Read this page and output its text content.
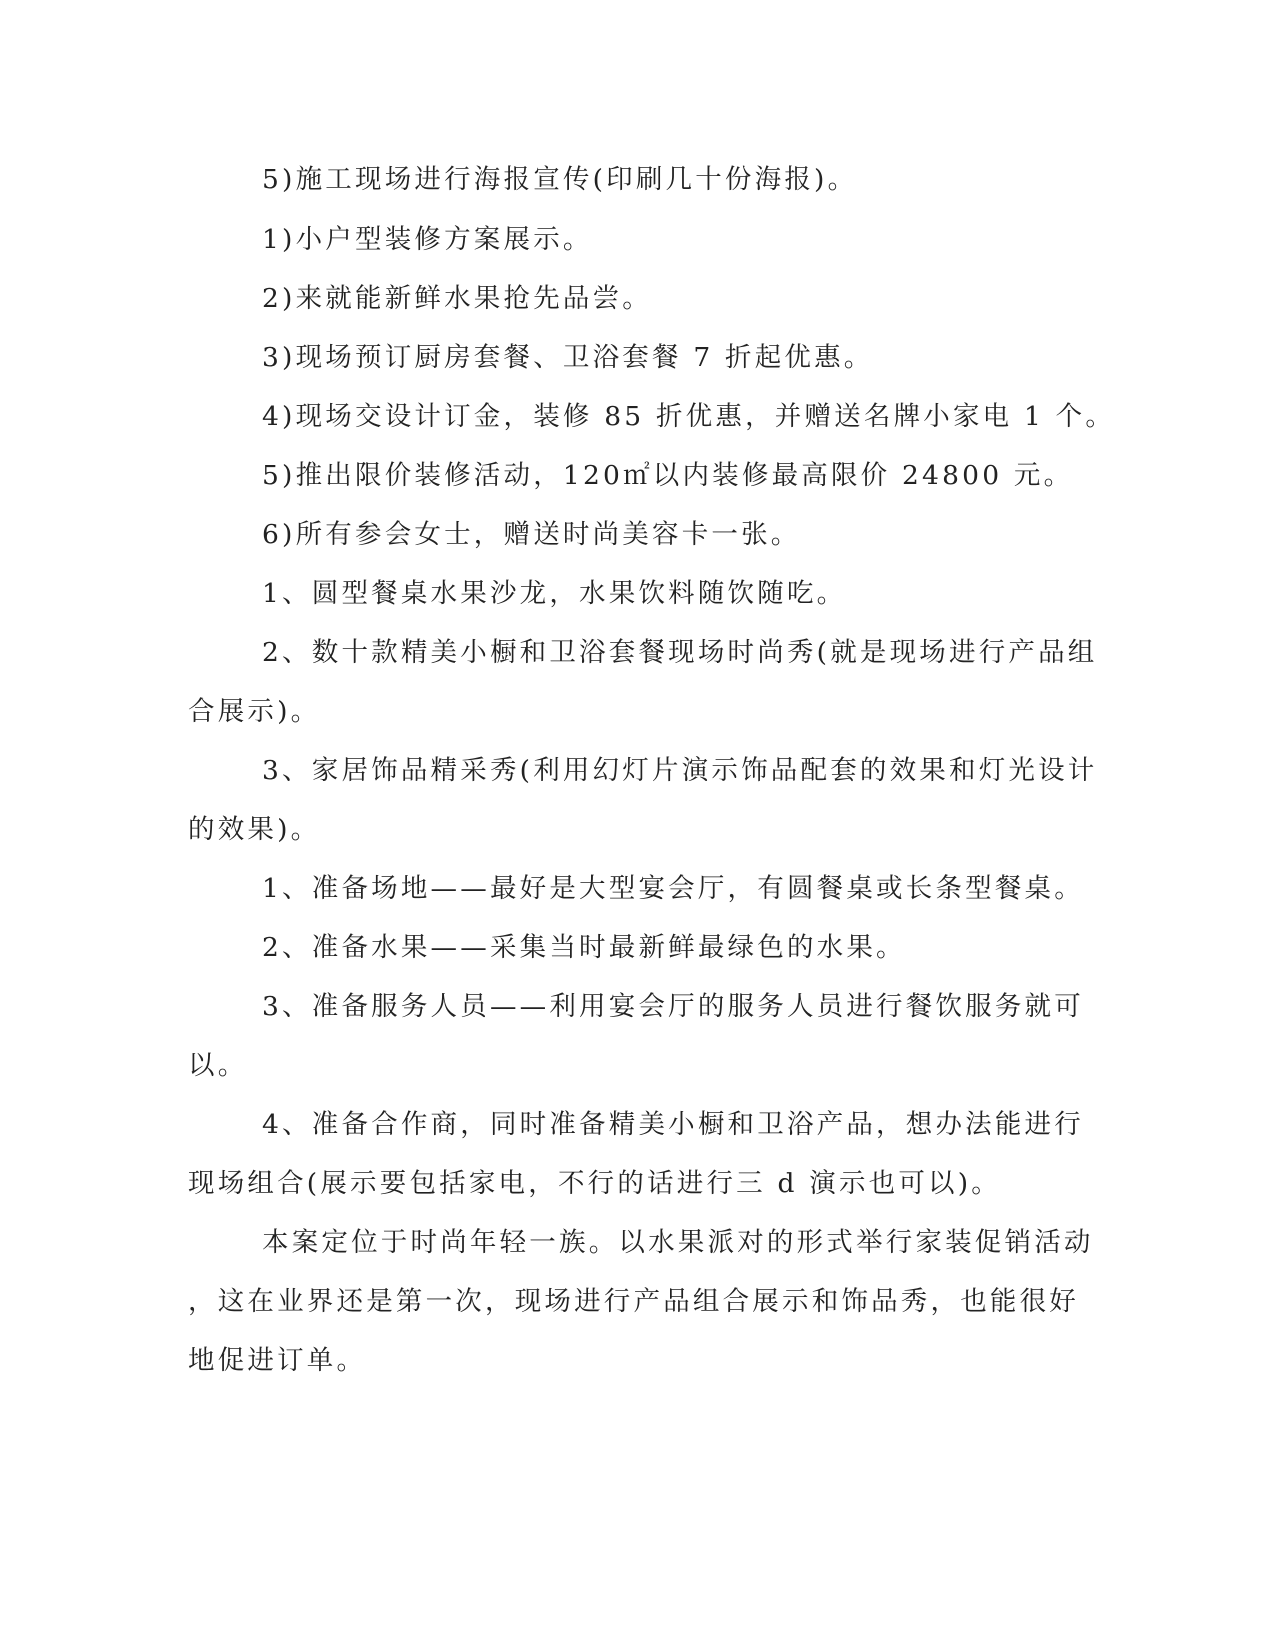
5)施工现场进行海报宣传(印刷几十份海报)。
1)小户型装修方案展示。
2)来就能新鲜水果抢先品尝。
3)现场预订厨房套餐、卫浴套餐 7 折起优惠。
4)现场交设计订金，装修 85 折优惠，并赠送名牌小家电 1 个。
5)推出限价装修活动，120㎡以内装修最高限价 24800 元。
6)所有参会女士，赠送时尚美容卡一张。
1、圆型餐桌水果沙龙，水果饮料随饮随吃。
2、数十款精美小橱和卫浴套餐现场时尚秀(就是现场进行产品组
合展示)。
3、家居饰品精采秀(利用幻灯片演示饰品配套的效果和灯光设计
的效果)。
1、准备场地——最好是大型宴会厅，有圆餐桌或长条型餐桌。
2、准备水果——采集当时最新鲜最绿色的水果。
3、准备服务人员——利用宴会厅的服务人员进行餐饮服务就可
以。
4、准备合作商，同时准备精美小橱和卫浴产品，想办法能进行
现场组合(展示要包括家电，不行的话进行三 d 演示也可以)。
本案定位于时尚年轻一族。以水果派对的形式举行家装促销活动
，这在业界还是第一次，现场进行产品组合展示和饰品秀，也能很好
地促进订单。
